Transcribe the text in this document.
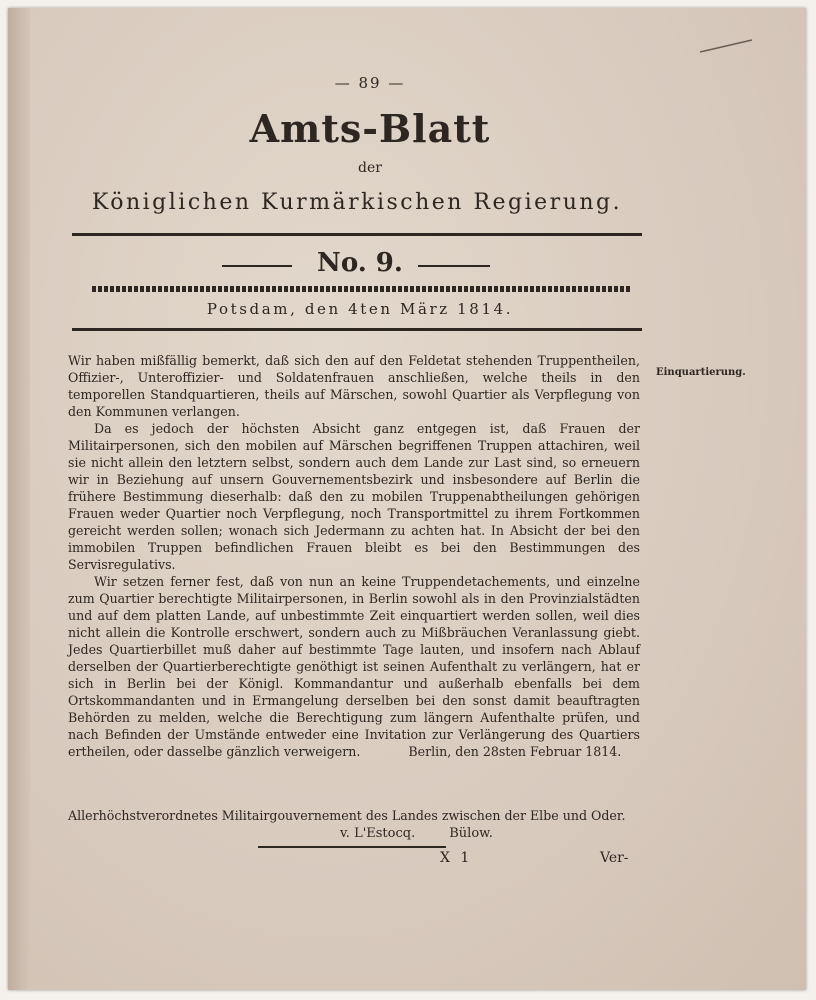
— 89 —
Amts-Blatt
der
Königlichen Kurmärkischen Regierung.
No. 9.
Potsdam, den 4ten März 1814.
Einquartierung.

Wir haben mißfällig bemerkt, daß sich den auf den Feldetat stehenden Truppentheilen, Offizier-, Unteroffizier- und Soldatenfrauen anschließen, welche theils in den temporellen Standquartieren, theils auf Märschen, sowohl Quartier als Verpflegung von den Kommunen verlangen.

Da es jedoch der höchsten Absicht ganz entgegen ist, daß Frauen der Militairpersonen, sich den mobilen auf Märschen begriffenen Truppen attachiren, weil sie nicht allein den letztern selbst, sondern auch dem Lande zur Last sind, so erneuern wir in Beziehung auf unsern Gouvernementsbezirk und insbesondere auf Berlin die frühere Bestimmung dieserhalb: daß den zu mobilen Truppenabtheilungen gehörigen Frauen weder Quartier noch Verpflegung, noch Transportmittel zu ihrem Fortkommen gereicht werden sollen; wonach sich Jedermann zu achten hat. In Absicht der bei den immobilen Truppen befindlichen Frauen bleibt es bei den Bestimmungen des Servisregulativs.

Wir setzen ferner fest, daß von nun an keine Truppendetachements, und einzelne zum Quartier berechtigte Militairpersonen, in Berlin sowohl als in den Provinzialstädten und auf dem platten Lande, auf unbestimmte Zeit einquartiert werden sollen, weil dies nicht allein die Kontrolle erschwert, sondern auch zu Mißbräuchen Veranlassung giebt. Jedes Quartierbillet muß daher auf bestimmte Tage lauten, und insofern nach Ablauf derselben der Quartierberechtigte genöthigt ist seinen Aufenthalt zu verlängern, hat er sich in Berlin bei der Königl. Kommandantur und außerhalb ebenfalls bei dem Ortskommandanten und in Ermangelung derselben bei den sonst damit beauftragten Behörden zu melden, welche die Berechtigung zum längern Aufenthalte prüfen, und nach Befinden der Umstände entweder eine Invitation zur Verlängerung des Quartiers ertheilen, oder dasselbe gänzlich verweigern.	Berlin, den 28sten Februar 1814.

Allerhöchstverordnetes Militairgouvernement des Landes zwischen der Elbe und Oder.
v. L'Estocq.	Bülow.
X 1	Ver-
